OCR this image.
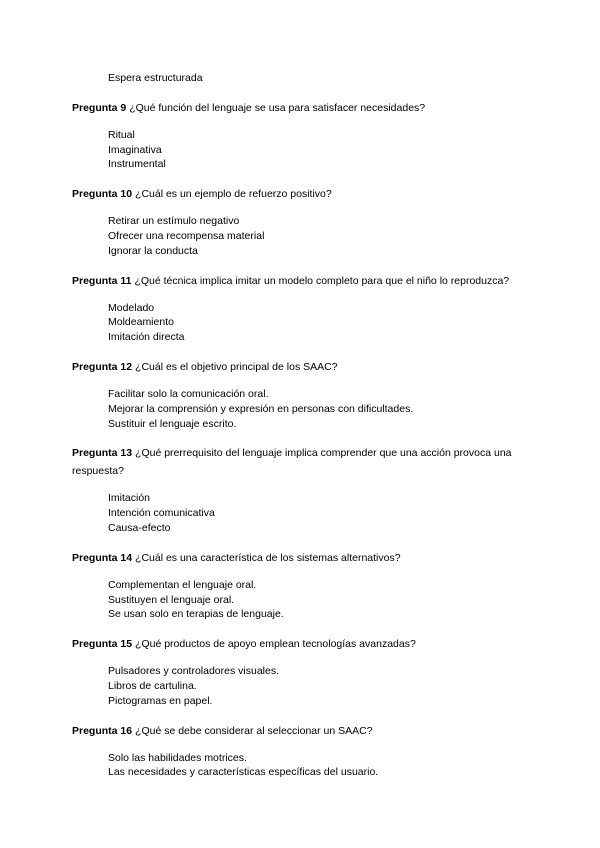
Espera estructurada
Pregunta 9 ¿Qué función del lenguaje se usa para satisfacer necesidades?
Ritual
Imaginativa
Instrumental
Pregunta 10 ¿Cuál es un ejemplo de refuerzo positivo?
Retirar un estímulo negativo
Ofrecer una recompensa material
Ignorar la conducta
Pregunta 11 ¿Qué técnica implica imitar un modelo completo para que el niño lo reproduzca?
Modelado
Moldeamiento
Imitación directa
Pregunta 12 ¿Cuál es el objetivo principal de los SAAC?
Facilitar solo la comunicación oral.
Mejorar la comprensión y expresión en personas con dificultades.
Sustituir el lenguaje escrito.
Pregunta 13 ¿Qué prerrequisito del lenguaje implica comprender que una acción provoca una respuesta?
Imitación
Intención comunicativa
Causa-efecto
Pregunta 14 ¿Cuál es una característica de los sistemas alternativos?
Complementan el lenguaje oral.
Sustituyen el lenguaje oral.
Se usan solo en terapias de lenguaje.
Pregunta 15 ¿Qué productos de apoyo emplean tecnologías avanzadas?
Pulsadores y controladores visuales.
Libros de cartulina.
Pictogramas en papel.
Pregunta 16 ¿Qué se debe considerar al seleccionar un SAAC?
Solo las habilidades motrices.
Las necesidades y características específicas del usuario.
